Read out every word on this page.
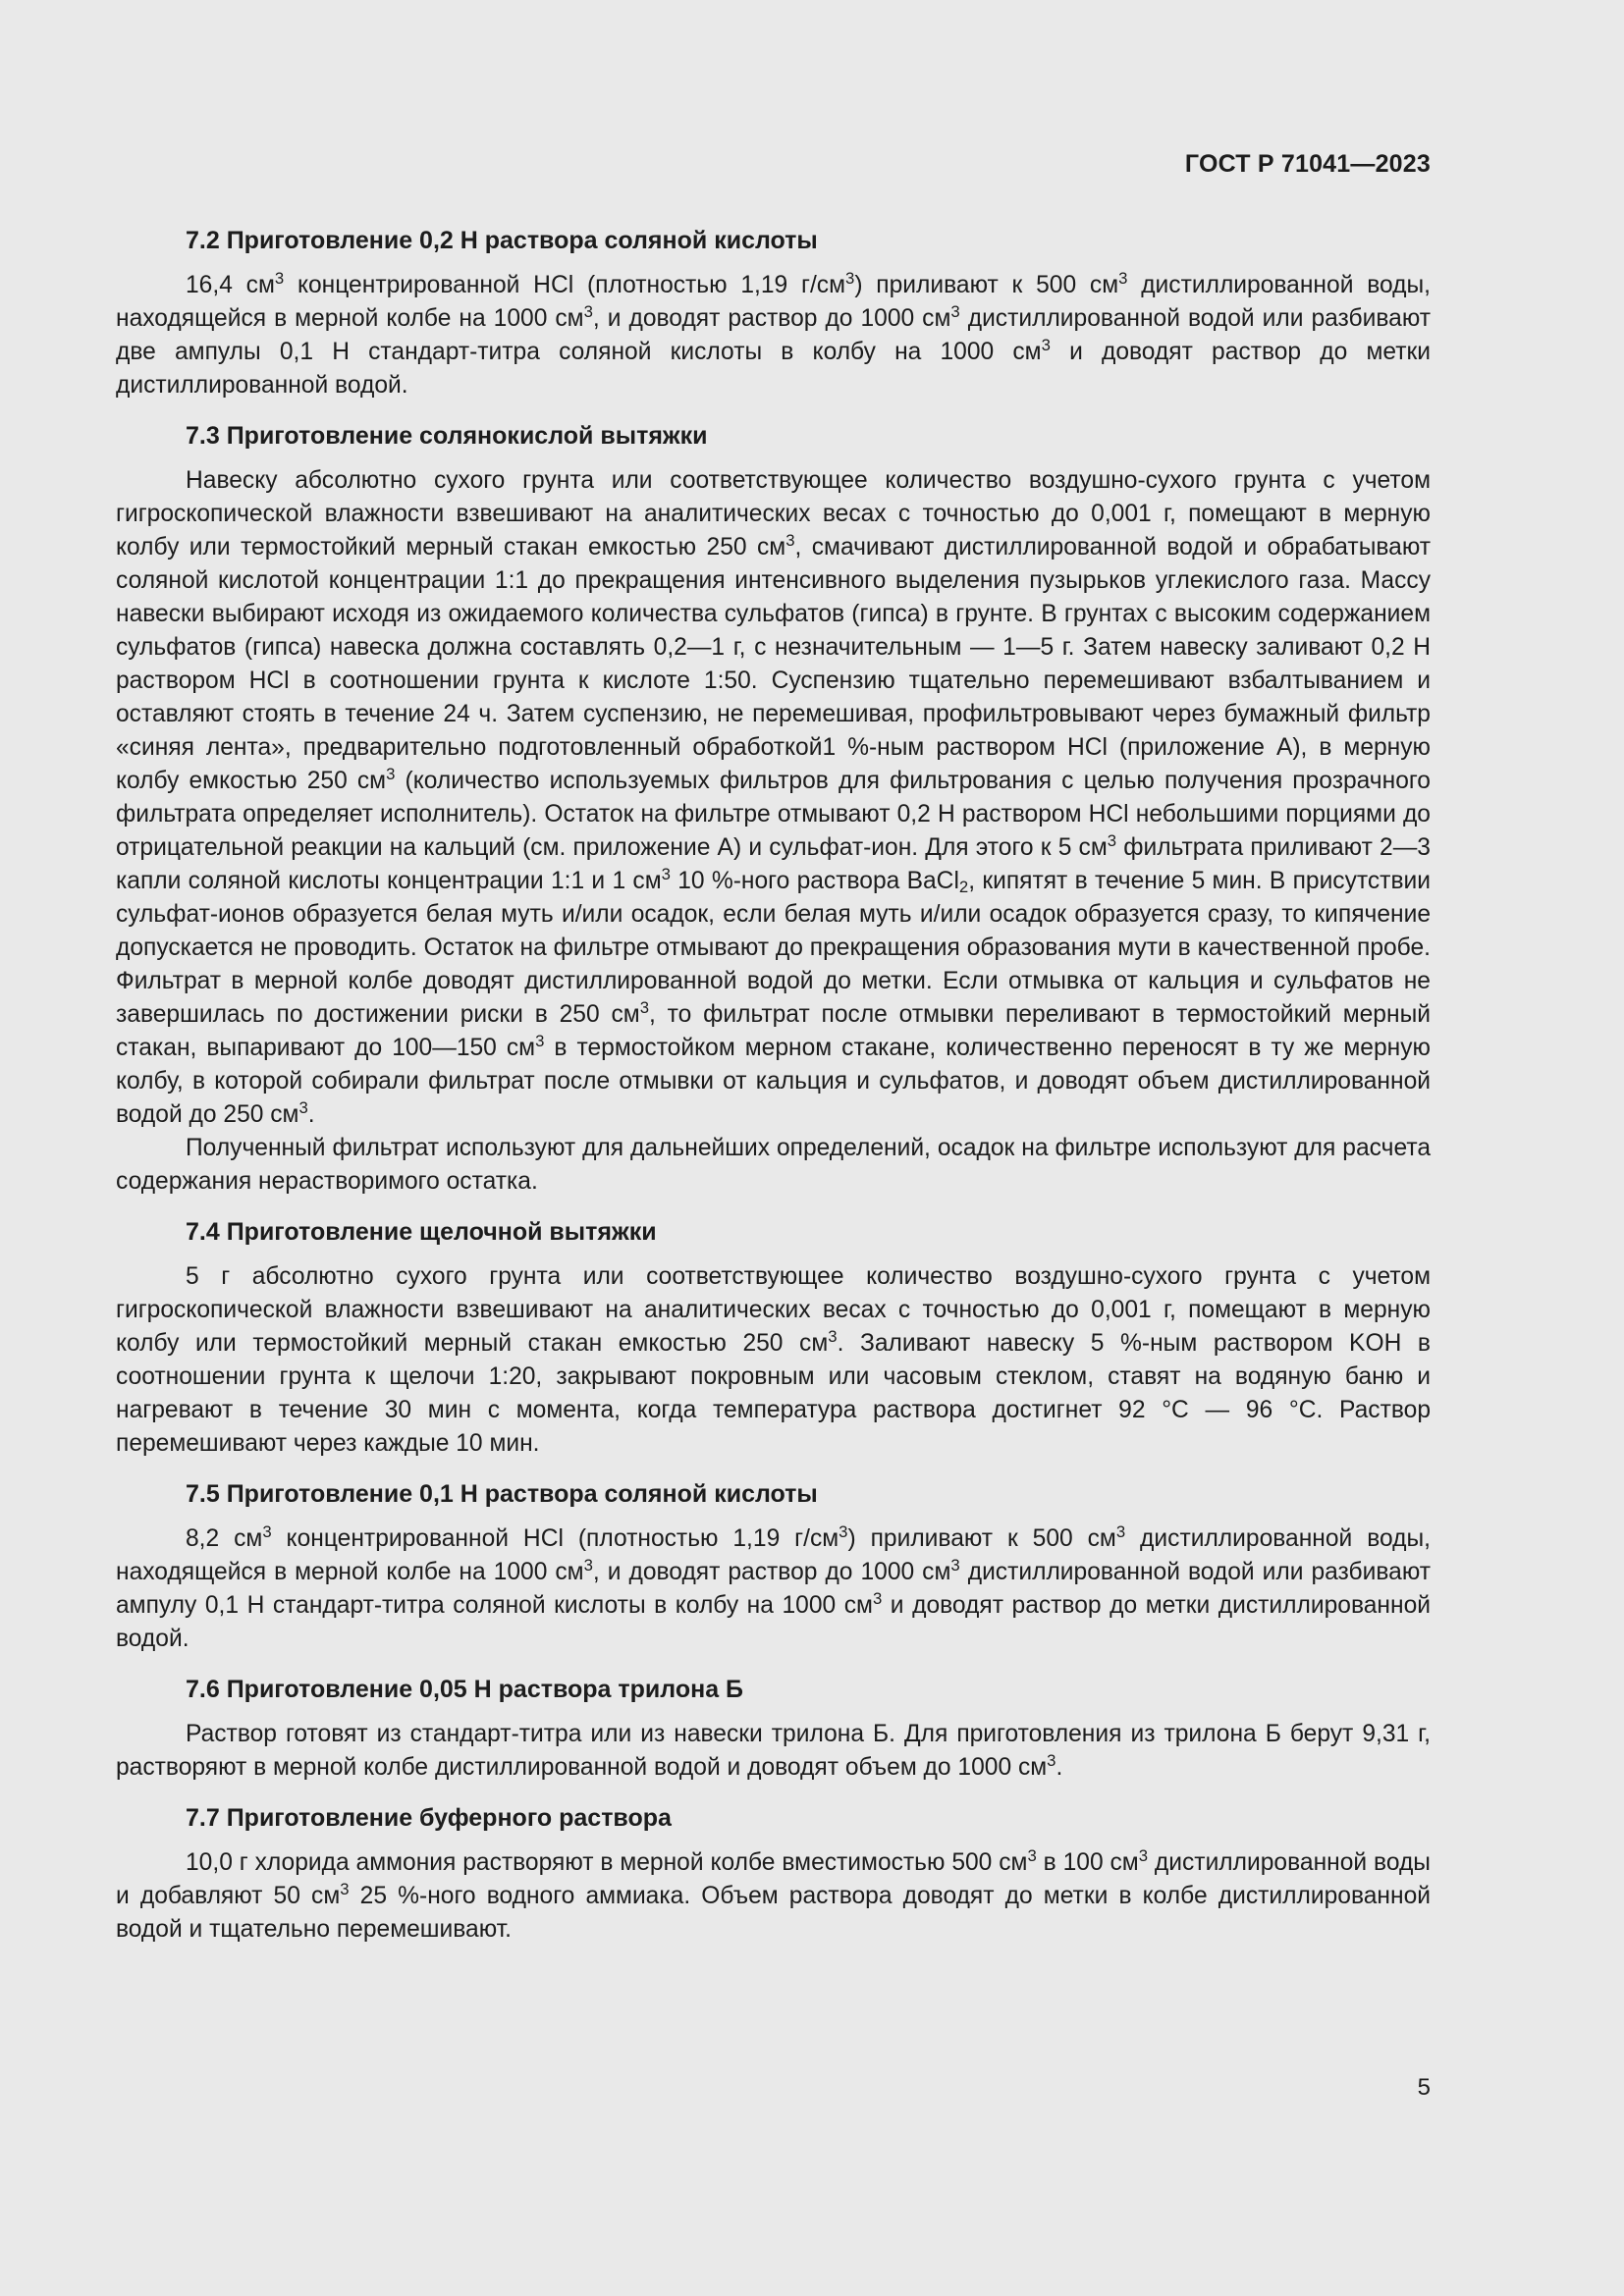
ГОСТ Р 71041—2023

7.2 Приготовление 0,2 Н раствора соляной кислоты

16,4 $см^3$ концентрированной НСl (плотностью 1,19 $г/см^3$) приливают к 500 $см^3$ дистиллированной воды, находящейся в мерной колбе на 1000 $см^3$, и доводят раствор до 1000 $см^3$ дистиллированной водой или разбивают две ампулы 0,1 Н стандарт-титра соляной кислоты в колбу на 1000 $см^3$ и доводят раствор до метки дистиллированной водой.

7.3 Приготовление солянокислой вытяжки

Навеску абсолютно сухого грунта или соответствующее количество воздушно-сухого грунта с учетом гигроскопической влажности взвешивают на аналитических весах с точностью до 0,001 г, помещают в мерную колбу или термостойкий мерный стакан емкостью 250 $см^3$, смачивают дистиллированной водой и обрабатывают соляной кислотой концентрации 1:1 до прекращения интенсивного выделения пузырьков углекислого газа. Массу навески выбирают исходя из ожидаемого количества сульфатов (гипса) в грунте. В грунтах с высоким содержанием сульфатов (гипса) навеска должна составлять 0,2—1 г, с незначительным — 1—5 г. Затем навеску заливают 0,2 Н раствором НСl в соотношении грунта к кислоте 1:50. Суспензию тщательно перемешивают взбалтыванием и оставляют стоять в течение 24 ч. Затем суспензию, не перемешивая, профильтровывают через бумажный фильтр «синяя лента», предварительно подготовленный обработкой1 %-ным раствором НСl (приложение А), в мерную колбу емкостью 250 $см^3$ (количество используемых фильтров для фильтрования с целью получения прозрачного фильтрата определяет исполнитель). Остаток на фильтре отмывают 0,2 Н раствором НСl небольшими порциями до отрицательной реакции на кальций (см. приложение А) и сульфат-ион. Для этого к 5 $см^3$ фильтрата приливают 2—3 капли соляной кислоты концентрации 1:1 и 1 $см^3$ 10 %-ного раствора BaCl$_2$, кипятят в течение 5 мин. В присутствии сульфат-ионов образуется белая муть и/или осадок, если белая муть и/или осадок образуется сразу, то кипячение допускается не проводить. Остаток на фильтре отмывают до прекращения образования мути в качественной пробе. Фильтрат в мерной колбе доводят дистиллированной водой до метки. Если отмывка от кальция и сульфатов не завершилась по достижении риски в 250 $см^3$, то фильтрат после отмывки переливают в термостойкий мерный стакан, выпаривают до 100—150 $см^3$ в термостойком мерном стакане, количественно переносят в ту же мерную колбу, в которой собирали фильтрат после отмывки от кальция и сульфатов, и доводят объем дистиллированной водой до 250 $см^3$.

Полученный фильтрат используют для дальнейших определений, осадок на фильтре используют для расчета содержания нерастворимого остатка.

7.4 Приготовление щелочной вытяжки

5 г абсолютно сухого грунта или соответствующее количество воздушно-сухого грунта с учетом гигроскопической влажности взвешивают на аналитических весах с точностью до 0,001 г, помещают в мерную колбу или термостойкий мерный стакан емкостью 250 $см^3$. Заливают навеску 5 %-ным раствором KOH в соотношении грунта к щелочи 1:20, закрывают покровным или часовым стеклом, ставят на водяную баню и нагревают в течение 30 мин с момента, когда температура раствора достигнет 92 °C — 96 °C. Раствор перемешивают через каждые 10 мин.

7.5 Приготовление 0,1 Н раствора соляной кислоты

8,2 $см^3$ концентрированной НСl (плотностью 1,19 $г/см^3$) приливают к 500 $см^3$ дистиллированной воды, находящейся в мерной колбе на 1000 $см^3$, и доводят раствор до 1000 $см^3$ дистиллированной водой или разбивают ампулу 0,1 Н стандарт-титра соляной кислоты в колбу на 1000 $см^3$ и доводят раствор до метки дистиллированной водой.

7.6 Приготовление 0,05 Н раствора трилона Б

Раствор готовят из стандарт-титра или из навески трилона Б. Для приготовления из трилона Б берут 9,31 г, растворяют в мерной колбе дистиллированной водой и доводят объем до 1000 $см^3$.

7.7 Приготовление буферного раствора

10,0 г хлорида аммония растворяют в мерной колбе вместимостью 500 $см^3$ в 100 $см^3$ дистиллированной воды и добавляют 50 $см^3$ 25 %-ного водного аммиака. Объем раствора доводят до метки в колбе дистиллированной водой и тщательно перемешивают.

5
